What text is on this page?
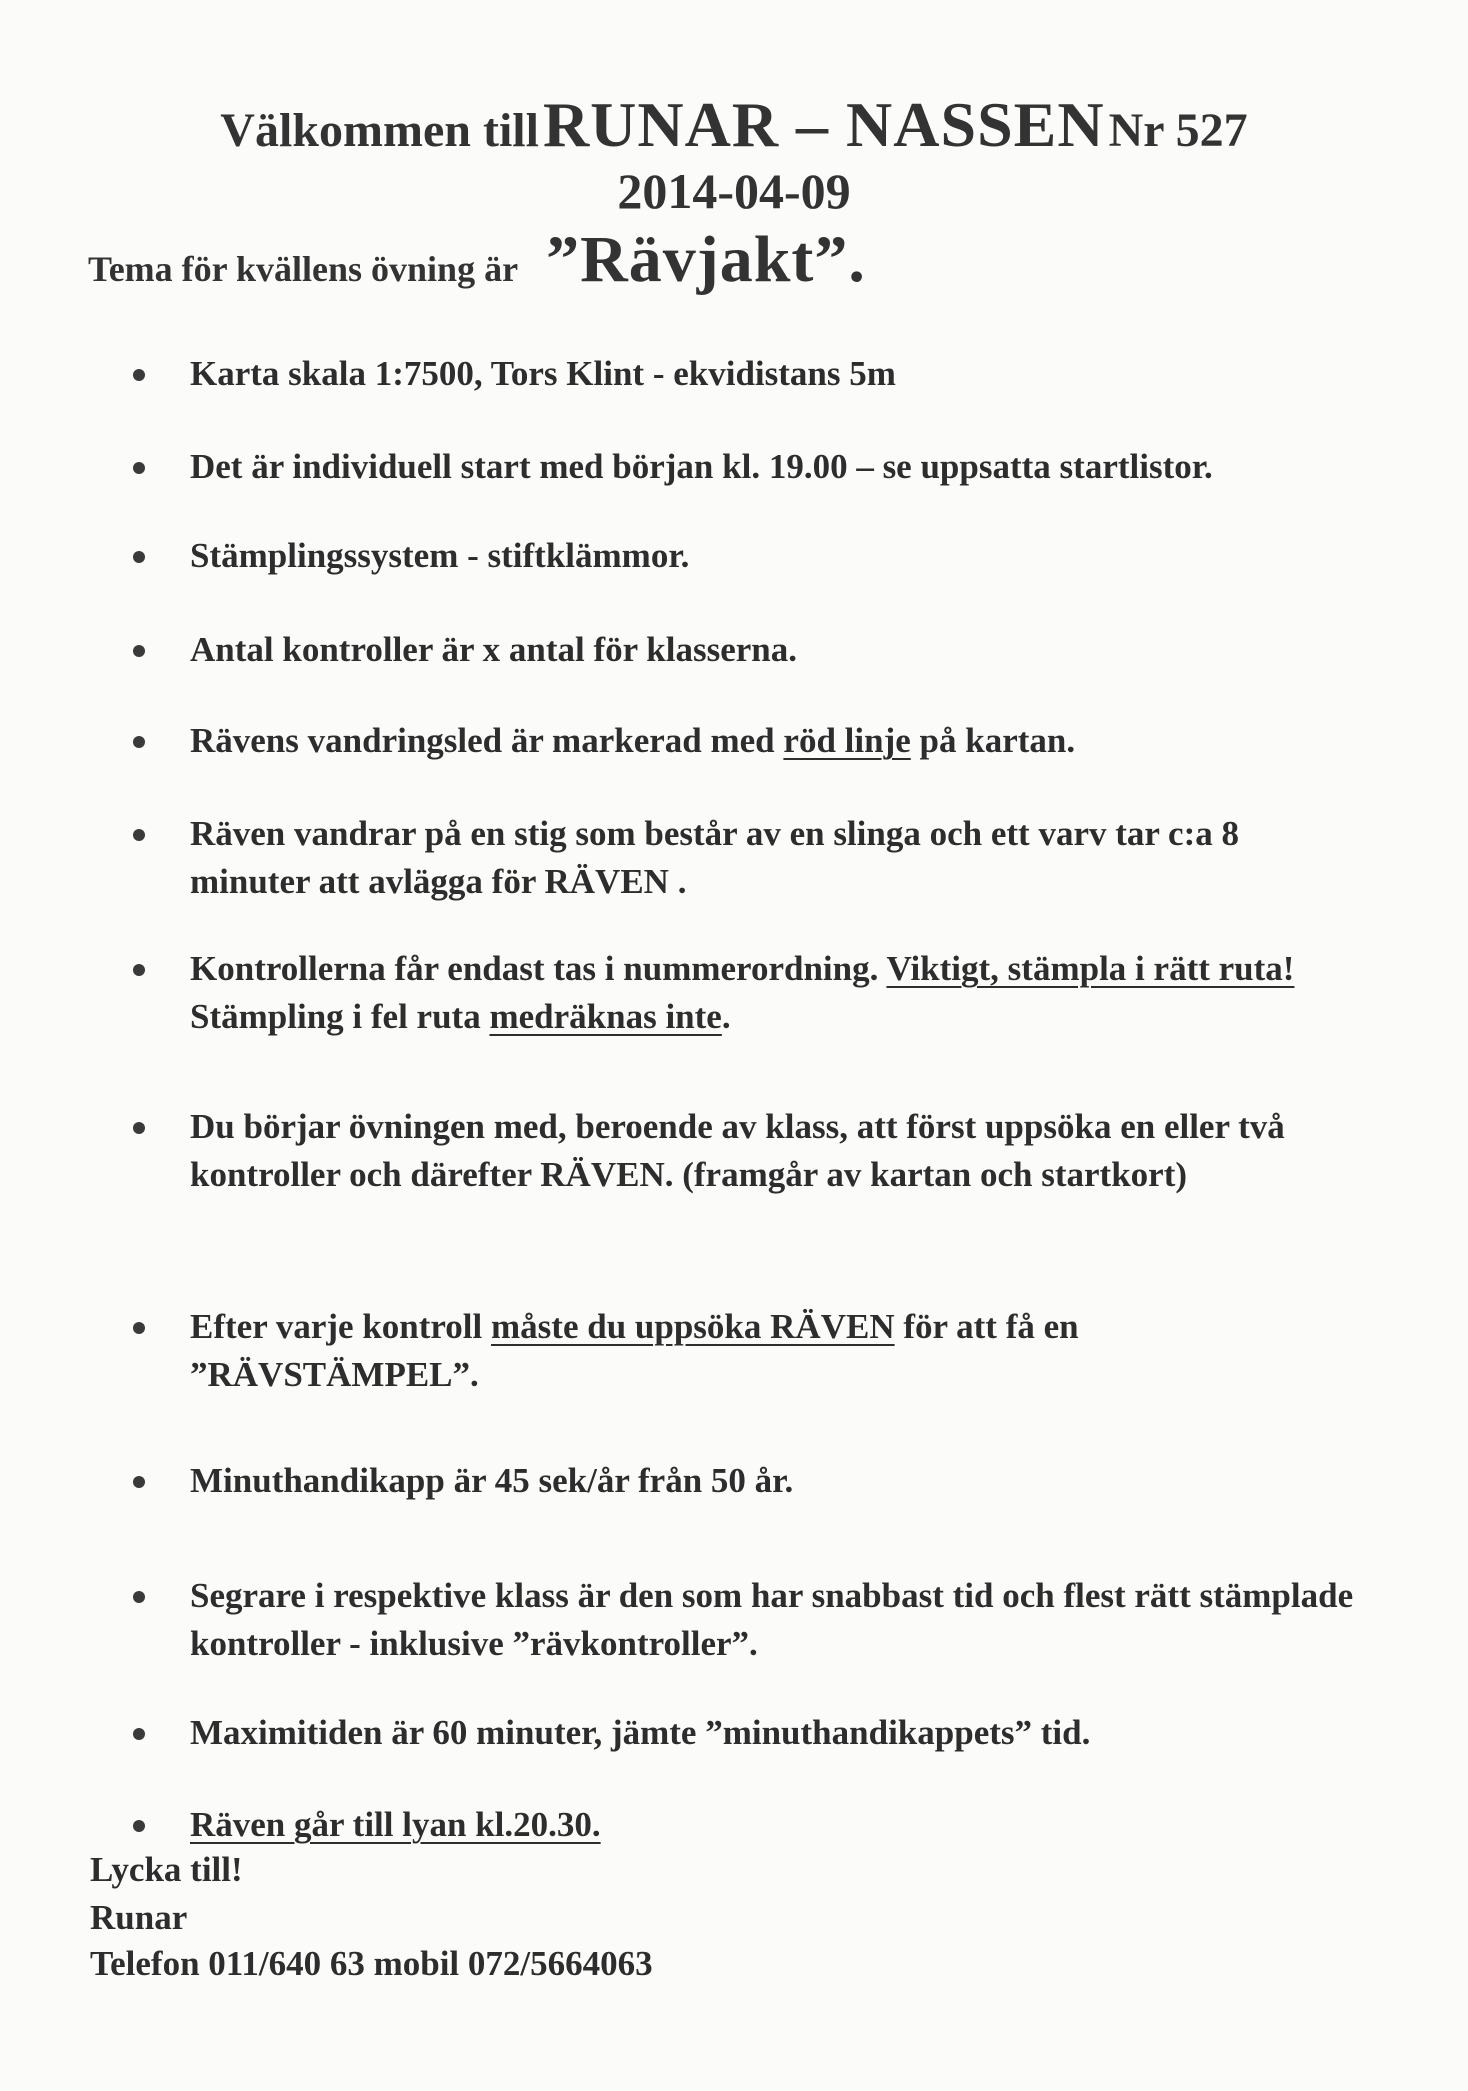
Välkommen till RUNAR – NASSEN Nr 527
2014-04-09
Tema för kvällens övning är ”Rävjakt”.
Karta skala 1:7500, Tors Klint - ekvidistans 5m
Det är individuell start med början kl. 19.00 – se uppsatta startlistor.
Stämplingssystem - stiftklämmor.
Antal kontroller är x antal för klasserna.
Rävens vandringsled är markerad med röd linje på kartan.
Räven vandrar på en stig som består av en slinga och ett varv tar c:a 8 minuter att avlägga för RÄVEN .
Kontrollerna får endast tas i nummerordning. Viktigt, stämpla i rätt ruta! Stämpling i fel ruta medräknas inte.
Du börjar övningen med, beroende av klass, att först uppsöka en eller två kontroller och därefter RÄVEN. (framgår av kartan och startkort)
Efter varje kontroll måste du uppsöka RÄVEN för att få en ”RÄVSTÄMPEL”.
Minuthandikapp är 45 sek/år från 50 år.
Segrare i respektive klass är den som har snabbast tid och flest rätt stämplade kontroller - inklusive ”rävkontroller”.
Maximitiden är 60 minuter, jämte ”minuthandikappets” tid.
Räven går till lyan kl.20.30.
Lycka till!
Runar
Telefon 011/640 63 mobil 072/5664063
